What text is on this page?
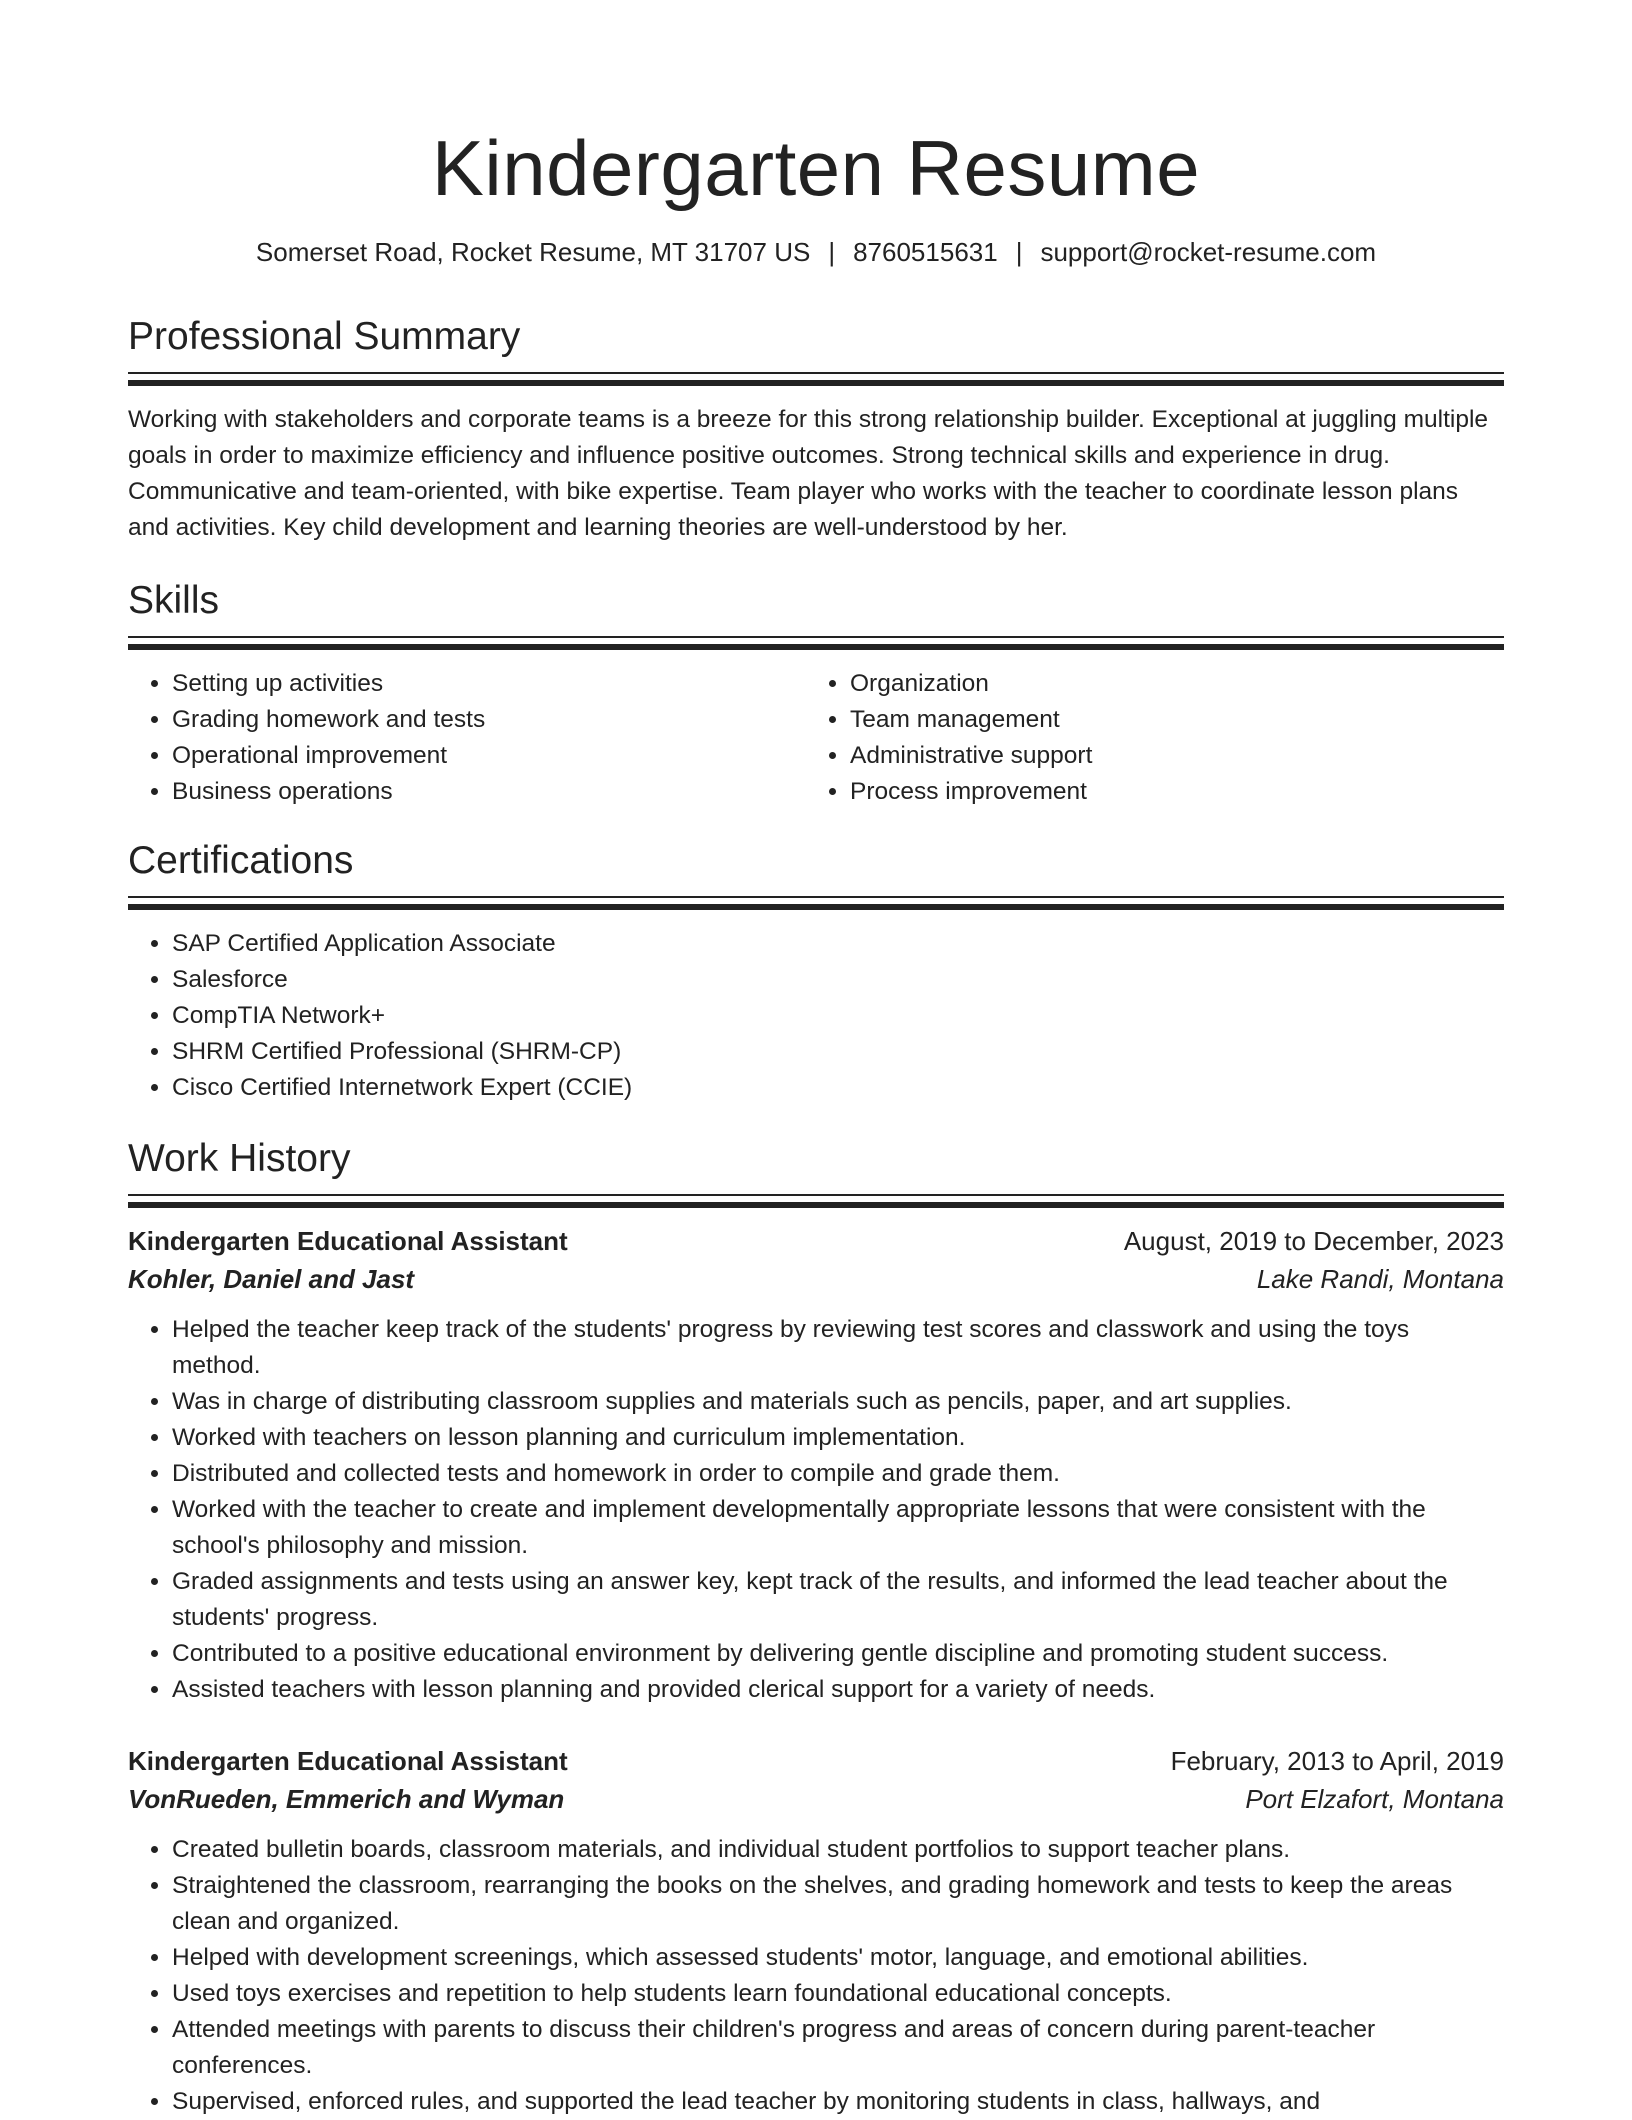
Kindergarten Resume
Somerset Road, Rocket Resume, MT 31707 US | 8760515631 | support@rocket-resume.com
Professional Summary

Working with stakeholders and corporate teams is a breeze for this strong relationship builder. Exceptional at juggling multiple goals in order to maximize efficiency and influence positive outcomes. Strong technical skills and experience in drug. Communicative and team-oriented, with bike expertise. Team player who works with the teacher to coordinate lesson plans and activities. Key child development and learning theories are well-understood by her.

Skills
• Setting up activities
• Grading homework and tests
• Operational improvement
• Business operations
• Organization
• Team management
• Administrative support
• Process improvement
Certifications
• SAP Certified Application Associate
• Salesforce
• CompTIA Network+
• SHRM Certified Professional (SHRM-CP)
• Cisco Certified Internetwork Expert (CCIE)
Work History
Kindergarten Educational Assistant	August, 2019 to December, 2023
Kohler, Daniel and Jast	Lake Randi, Montana
• Helped the teacher keep track of the students' progress by reviewing test scores and classwork and using the toys method.
• Was in charge of distributing classroom supplies and materials such as pencils, paper, and art supplies.
• Worked with teachers on lesson planning and curriculum implementation.
• Distributed and collected tests and homework in order to compile and grade them.
• Worked with the teacher to create and implement developmentally appropriate lessons that were consistent with the school's philosophy and mission.
• Graded assignments and tests using an answer key, kept track of the results, and informed the lead teacher about the students' progress.
• Contributed to a positive educational environment by delivering gentle discipline and promoting student success.
• Assisted teachers with lesson planning and provided clerical support for a variety of needs.
Kindergarten Educational Assistant	February, 2013 to April, 2019
VonRueden, Emmerich and Wyman	Port Elzafort, Montana
• Created bulletin boards, classroom materials, and individual student portfolios to support teacher plans.
• Straightened the classroom, rearranging the books on the shelves, and grading homework and tests to keep the areas clean and organized.
• Helped with development screenings, which assessed students' motor, language, and emotional abilities.
• Used toys exercises and repetition to help students learn foundational educational concepts.
• Attended meetings with parents to discuss their children's progress and areas of concern during parent-teacher conferences.
• Supervised, enforced rules, and supported the lead teacher by monitoring students in class, hallways, and
